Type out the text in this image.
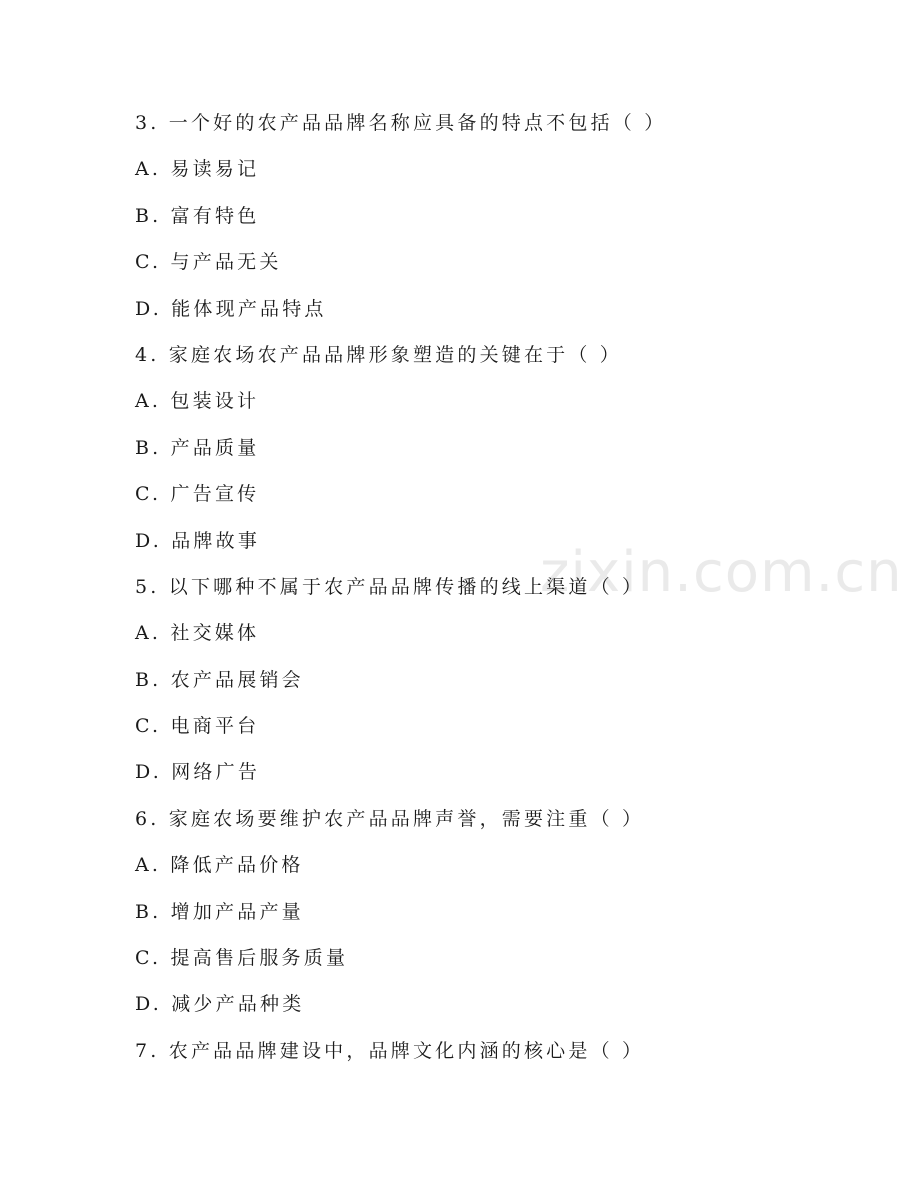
zixin.com.cn
3. 一个好的农产品品牌名称应具备的特点不包括（ ）
A. 易读易记
B. 富有特色
C. 与产品无关
D. 能体现产品特点
4. 家庭农场农产品品牌形象塑造的关键在于（ ）
A. 包装设计
B. 产品质量
C. 广告宣传
D. 品牌故事
5. 以下哪种不属于农产品品牌传播的线上渠道（ ）
A. 社交媒体
B. 农产品展销会
C. 电商平台
D. 网络广告
6. 家庭农场要维护农产品品牌声誉，需要注重（ ）
A. 降低产品价格
B. 增加产品产量
C. 提高售后服务质量
D. 减少产品种类
7. 农产品品牌建设中，品牌文化内涵的核心是（ ）
